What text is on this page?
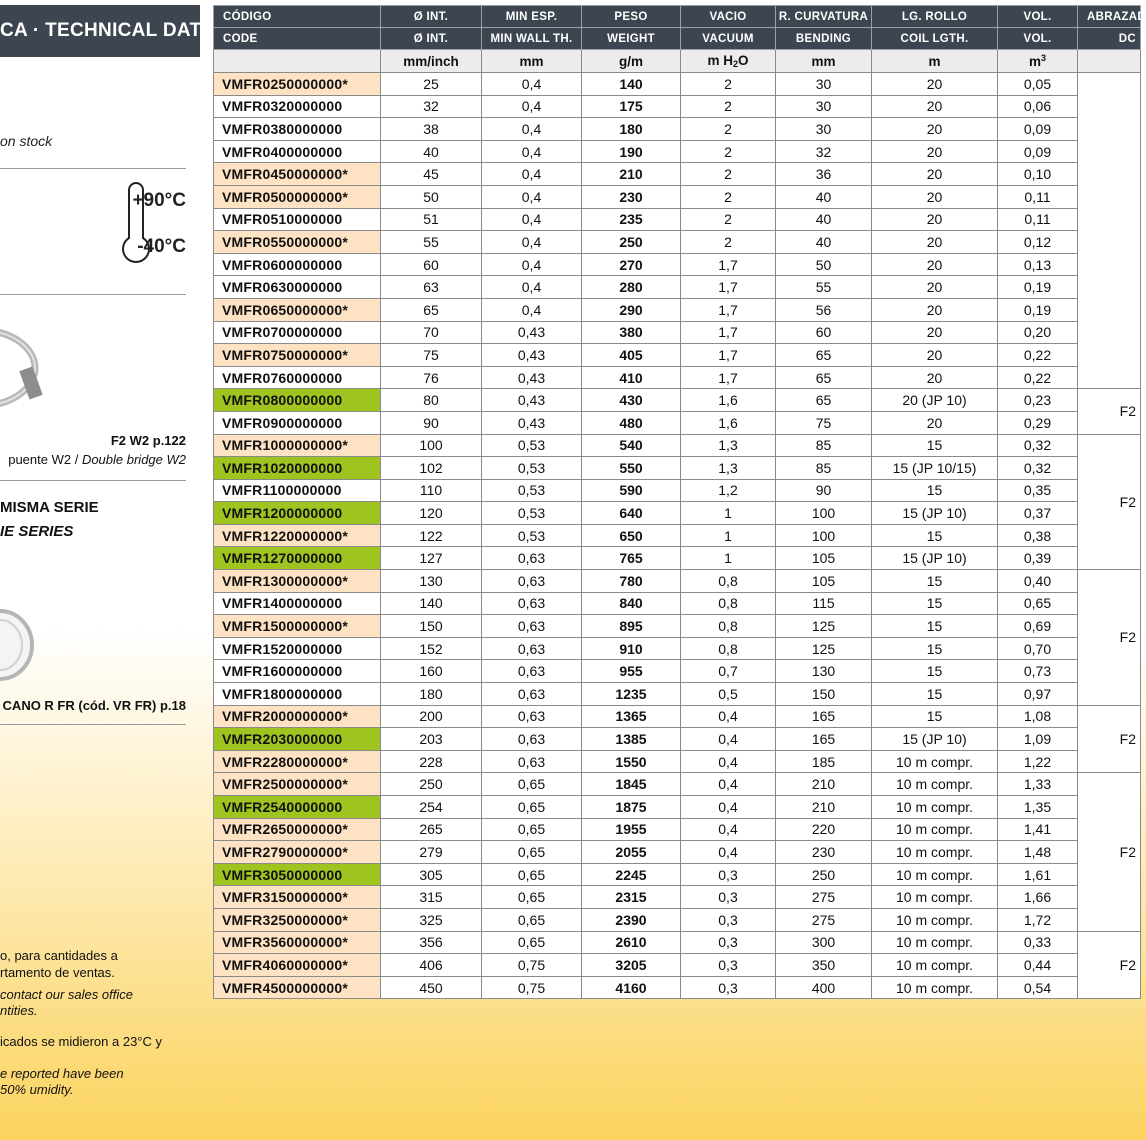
CA · TECHNICAL DATA
on stock
+90°C
-40°C
F2 W2 p.122
puente W2 / Double bridge W2
MISMA SERIE
IE SERIES
CANO R FR (cód. VR FR) p.18
o, para cantidades a
rtamento de ventas.
contact our sales office
ntities.
icados se midieron a 23°C y
e reported have been
50% umidity.
CÓDIGO	Ø INT.	MIN ESP.	PESO	VACIO	R. CURVATURA	LG. ROLLO	VOL.	ABRAZAD
CODE	Ø INT.	MIN WALL TH.	WEIGHT	VACUUM	BENDING	COIL LGTH.	VOL.	DC
	mm/inch	mm	g/m	m $H_2O$	mm	m	$m^3$	
VMFR0250000000*	25	0,4	140	2	30	20	0,05	
VMFR0320000000	32	0,4	175	2	30	20	0,06	
VMFR0380000000	38	0,4	180	2	30	20	0,09	
VMFR0400000000	40	0,4	190	2	32	20	0,09	
VMFR0450000000*	45	0,4	210	2	36	20	0,10	
VMFR0500000000*	50	0,4	230	2	40	20	0,11	
VMFR0510000000	51	0,4	235	2	40	20	0,11	
VMFR0550000000*	55	0,4	250	2	40	20	0,12	
VMFR0600000000	60	0,4	270	1,7	50	20	0,13	
VMFR0630000000	63	0,4	280	1,7	55	20	0,19	
VMFR0650000000*	65	0,4	290	1,7	56	20	0,19	
VMFR0700000000	70	0,43	380	1,7	60	20	0,20	
VMFR0750000000*	75	0,43	405	1,7	65	20	0,22	
VMFR0760000000	76	0,43	410	1,7	65	20	0,22	
VMFR0800000000	80	0,43	430	1,6	65	20 (JP 10)	0,23	F2
VMFR0900000000	90	0,43	480	1,6	75	20	0,29	
VMFR1000000000*	100	0,53	540	1,3	85	15	0,32	F2
VMFR1020000000	102	0,53	550	1,3	85	15 (JP 10/15)	0,32	
VMFR1100000000	110	0,53	590	1,2	90	15	0,35	
VMFR1200000000	120	0,53	640	1	100	15 (JP 10)	0,37	
VMFR1220000000*	122	0,53	650	1	100	15	0,38	
VMFR1270000000	127	0,63	765	1	105	15 (JP 10)	0,39	
VMFR1300000000*	130	0,63	780	0,8	105	15	0,40	F2
VMFR1400000000	140	0,63	840	0,8	115	15	0,65	
VMFR1500000000*	150	0,63	895	0,8	125	15	0,69	
VMFR1520000000	152	0,63	910	0,8	125	15	0,70	
VMFR1600000000	160	0,63	955	0,7	130	15	0,73	
VMFR1800000000	180	0,63	1235	0,5	150	15	0,97	
VMFR2000000000*	200	0,63	1365	0,4	165	15	1,08	F2
VMFR2030000000	203	0,63	1385	0,4	165	15 (JP 10)	1,09	
VMFR2280000000*	228	0,63	1550	0,4	185	10 m compr.	1,22	
VMFR2500000000*	250	0,65	1845	0,4	210	10 m compr.	1,33	F2
VMFR2540000000	254	0,65	1875	0,4	210	10 m compr.	1,35	
VMFR2650000000*	265	0,65	1955	0,4	220	10 m compr.	1,41	
VMFR2790000000*	279	0,65	2055	0,4	230	10 m compr.	1,48	
VMFR3050000000	305	0,65	2245	0,3	250	10 m compr.	1,61	
VMFR3150000000*	315	0,65	2315	0,3	275	10 m compr.	1,66	
VMFR3250000000*	325	0,65	2390	0,3	275	10 m compr.	1,72	
VMFR3560000000*	356	0,65	2610	0,3	300	10 m compr.	0,33	F2
VMFR4060000000*	406	0,75	3205	0,3	350	10 m compr.	0,44	
VMFR4500000000*	450	0,75	4160	0,3	400	10 m compr.	0,54	
